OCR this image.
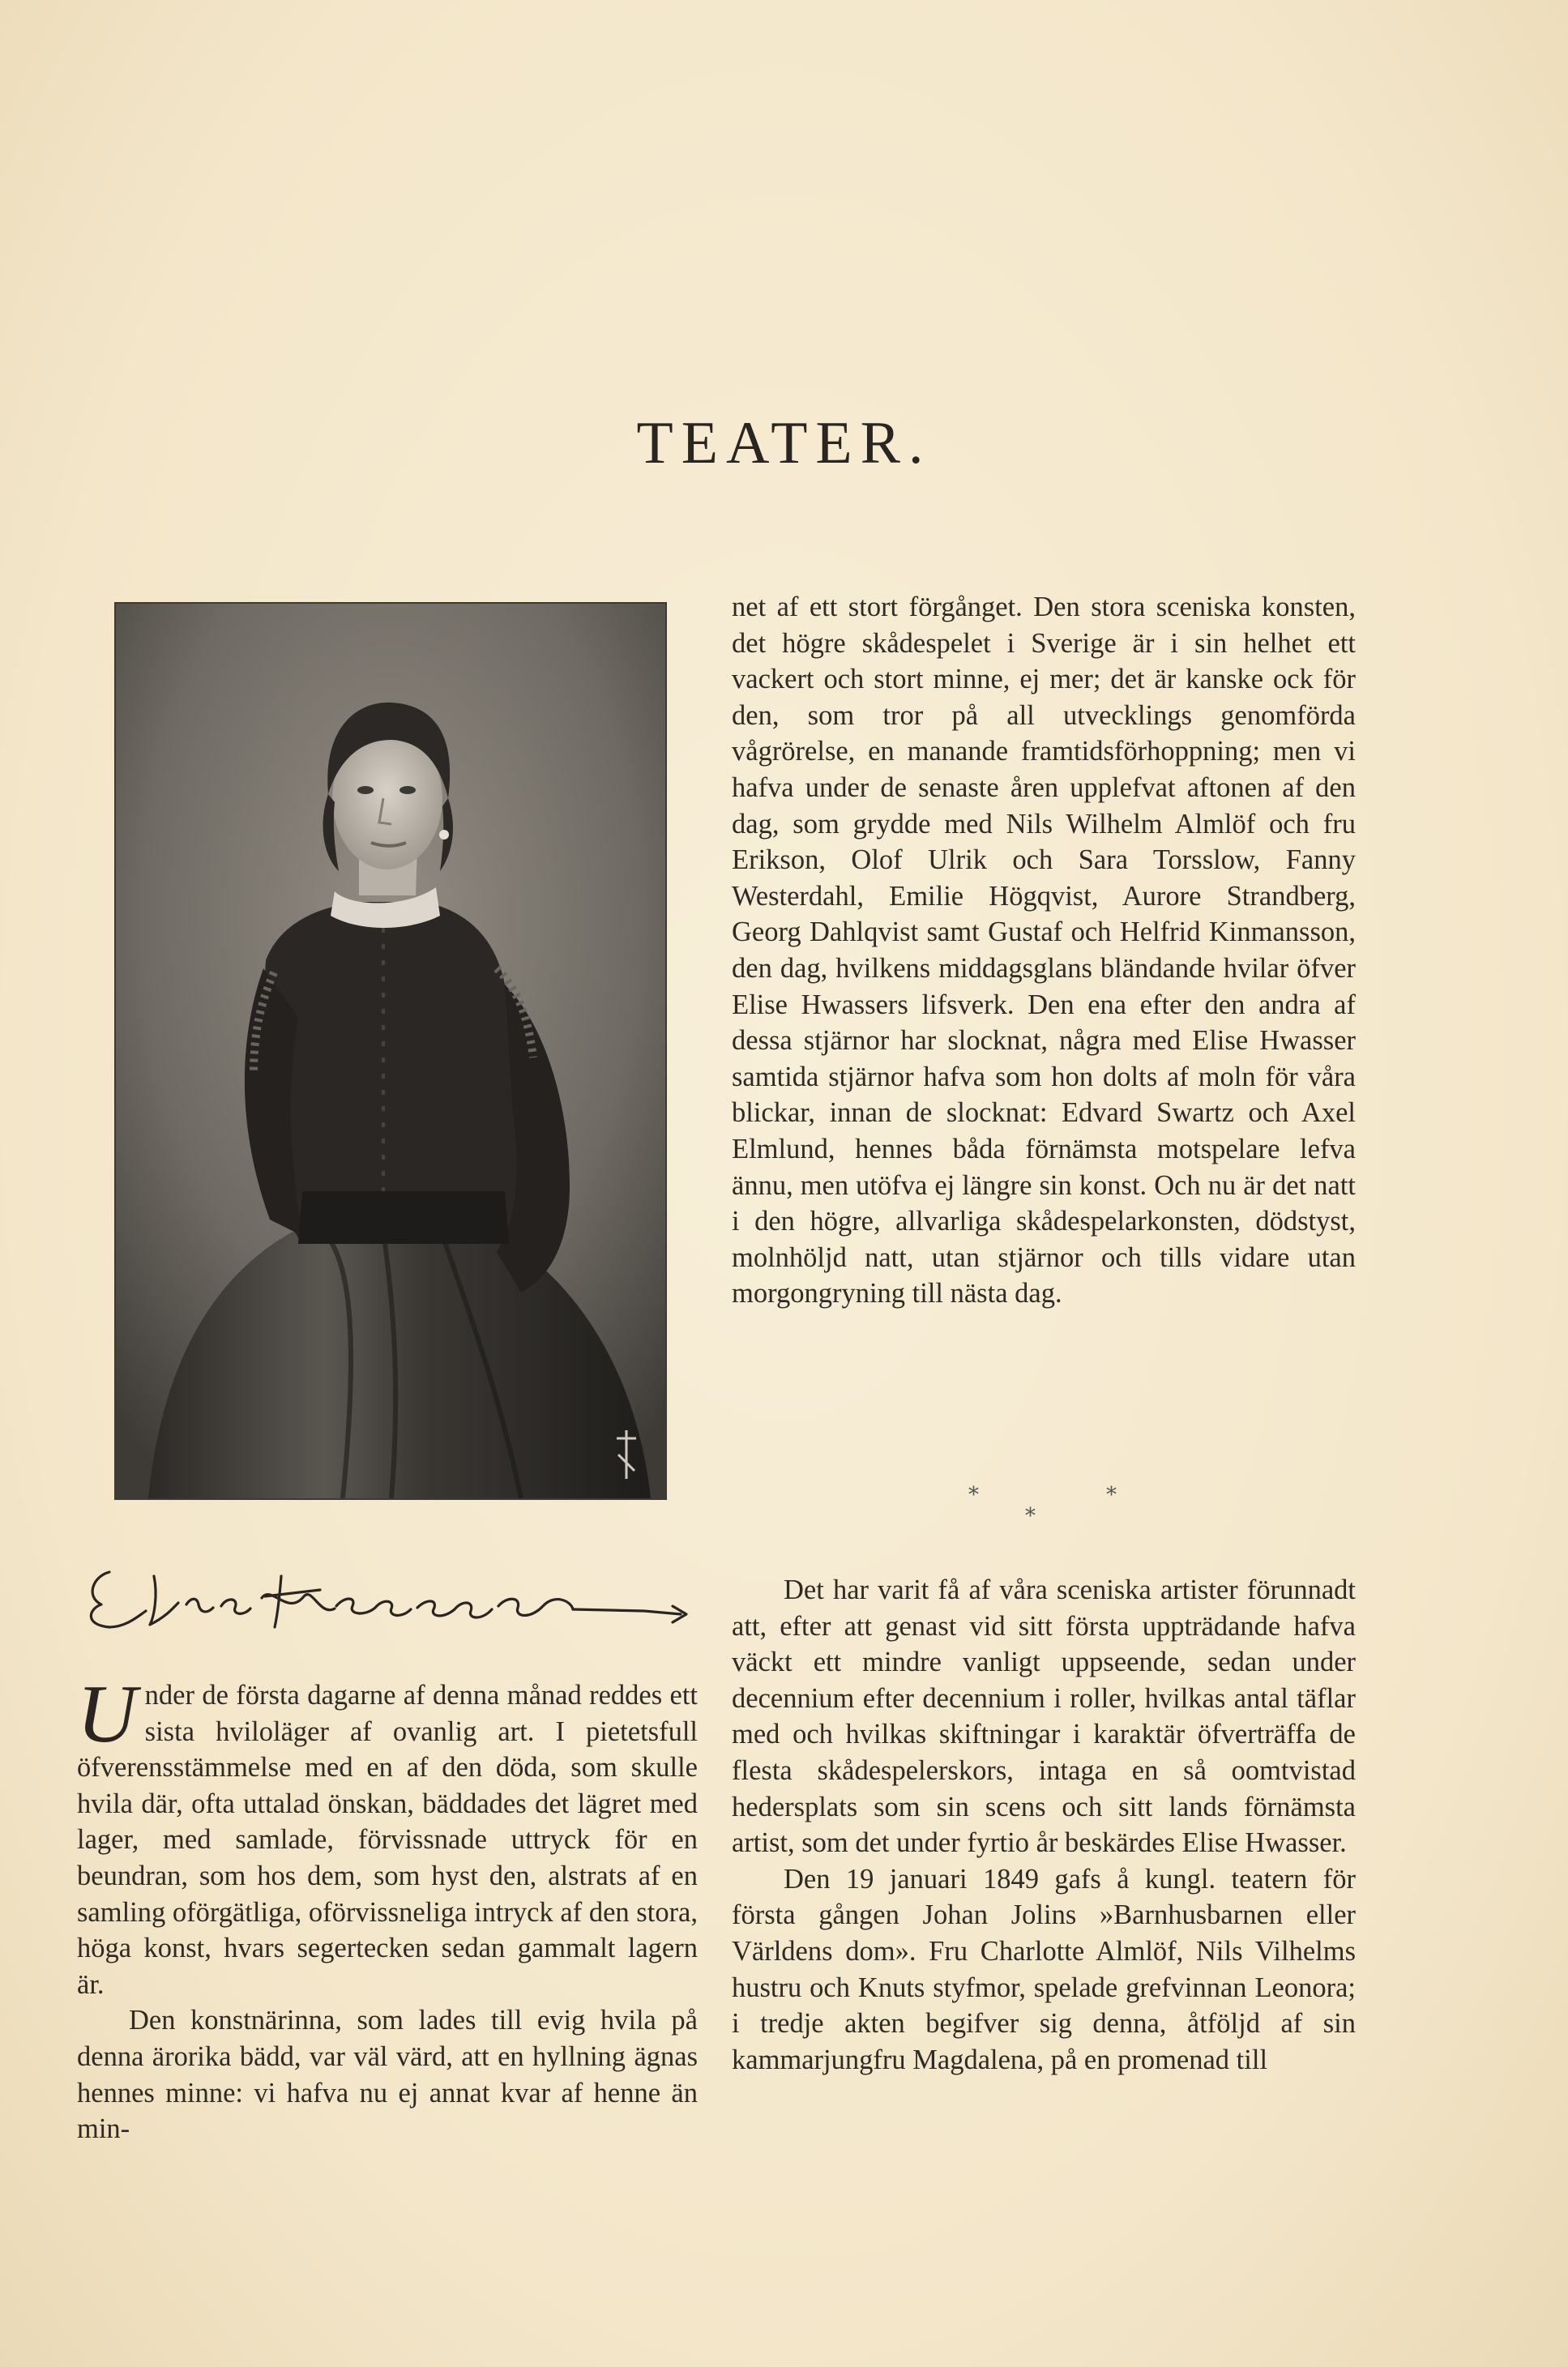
TEATER.
*
*
*
U nder de första dagarne af denna månad reddes ett sista hviloläger af ovanlig art. I pietetsfull öfverensstämmelse med en af den döda, som skulle hvila där, ofta uttalad önskan, bäddades det lägret med lager, med samlade, förvissnade uttryck för en beundran, som hos dem, som hyst den, alstrats af en samling oförgätliga, oförvissneliga intryck af den stora, höga konst, hvars segertecken sedan gammalt lagern är.

Den konstnärinna, som lades till evig hvila på denna ärorika bädd, var väl värd, att en hyllning ägnas hennes minne: vi hafva nu ej annat kvar af henne än min-

net af ett stort förgånget. Den stora sceniska konsten, det högre skådespelet i Sverige är i sin helhet ett vackert och stort minne, ej mer; det är kanske ock för den, som tror på all utvecklings genomförda vågrörelse, en manande framtidsförhoppning; men vi hafva under de senaste åren upplefvat aftonen af den dag, som grydde med Nils Wilhelm Almlöf och fru Erikson, Olof Ulrik och Sara Torsslow, Fanny Westerdahl, Emilie Högqvist, Aurore Strandberg, Georg Dahlqvist samt Gustaf och Helfrid Kinmansson, den dag, hvilkens middagsglans bländande hvilar öfver Elise Hwassers lifsverk. Den ena efter den andra af dessa stjärnor har slocknat, några med Elise Hwasser samtida stjärnor hafva som hon dolts af moln för våra blickar, innan de slocknat: Edvard Swartz och Axel Elmlund, hennes båda förnämsta motspelare lefva ännu, men utöfva ej längre sin konst. Och nu är det natt i den högre, allvarliga skådespelarkonsten, dödstyst, molnhöljd natt, utan stjärnor och tills vidare utan morgongryning till nästa dag.

Det har varit få af våra sceniska artister förunnadt att, efter att genast vid sitt första uppträdande hafva väckt ett mindre vanligt uppseende, sedan under decennium efter decennium i roller, hvilkas antal täflar med och hvilkas skiftningar i karaktär öfverträffa de flesta skådespelerskors, intaga en så oomtvistad hedersplats som sin scens och sitt lands förnämsta artist, som det under fyrtio år beskärdes Elise Hwasser.

Den 19 januari 1849 gafs å kungl. teatern för första gången Johan Jolins »Barnhusbarnen eller Världens dom». Fru Charlotte Almlöf, Nils Vilhelms hustru och Knuts styfmor, spelade grefvinnan Leonora; i tredje akten begifver sig denna, åtföljd af sin kammarjungfru Magdalena, på en promenad till
